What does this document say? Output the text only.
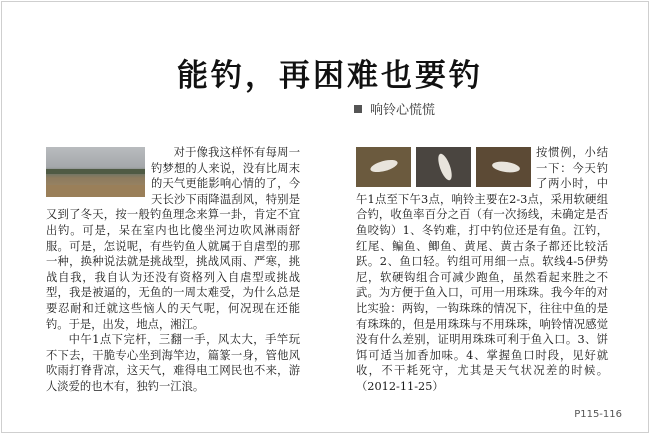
能钓，再困难也要钓
响铃心慌慌

对于像我这样怀有每周一钓梦想的人来说，没有比周末的天气更能影响心情的了，今天长沙下雨降温刮风，特别是又到了冬天，按一般钓鱼理念来算一卦，肯定不宜出钓。可是，呆在室内也比傻坐河边吹风淋雨舒服。可是，怎说呢，有些钓鱼人就属于自虐型的那一种，换种说法就是挑战型，挑战风雨、严寒，挑战自我，我自认为还没有资格列入自虐型或挑战型，我是被逼的，无鱼的一周太难受，为什么总是要忍耐和迁就这些恼人的天气呢，何况现在还能钓。于是，出发，地点，湘江。

中午1点下完杆，三翻一手，风太大，手竿玩不下去，干脆专心坐到海竿边，篇篆一身，管他风吹雨打脊背凉，这天气，难得电工网民也不来，游人淡爱的也木有，独钓一江浪。

按惯例，小结一下：今天钓了两小时，中午1点至下午3点，响铃主要在2-3点，采用软硬组合钓，收鱼率百分之百（有一次扬线，未确定是否鱼咬钩）1、冬钓难，打中钓位还是有鱼。江钓，红尾、鳊鱼、鲫鱼、黄尾、黄古条子都还比较活跃。2、鱼口轻。钓组可用细一点。软线4-5伊势尼，软硬钩组合可减少跑鱼，虽然看起来胜之不武。为方便于鱼入口，可用一用珠珠。我今年的对比实验：两钩，一钩珠珠的情况下，往往中鱼的是有珠珠的，但是用珠珠与不用珠珠，响铃情况感觉没有什么差别，证明用珠珠可利于鱼入口。3、饼饵可适当加香加味。4、掌握鱼口时段，见好就收，不干耗死守，尤其是天气状况差的时候。（2012-11-25）

P115-116
